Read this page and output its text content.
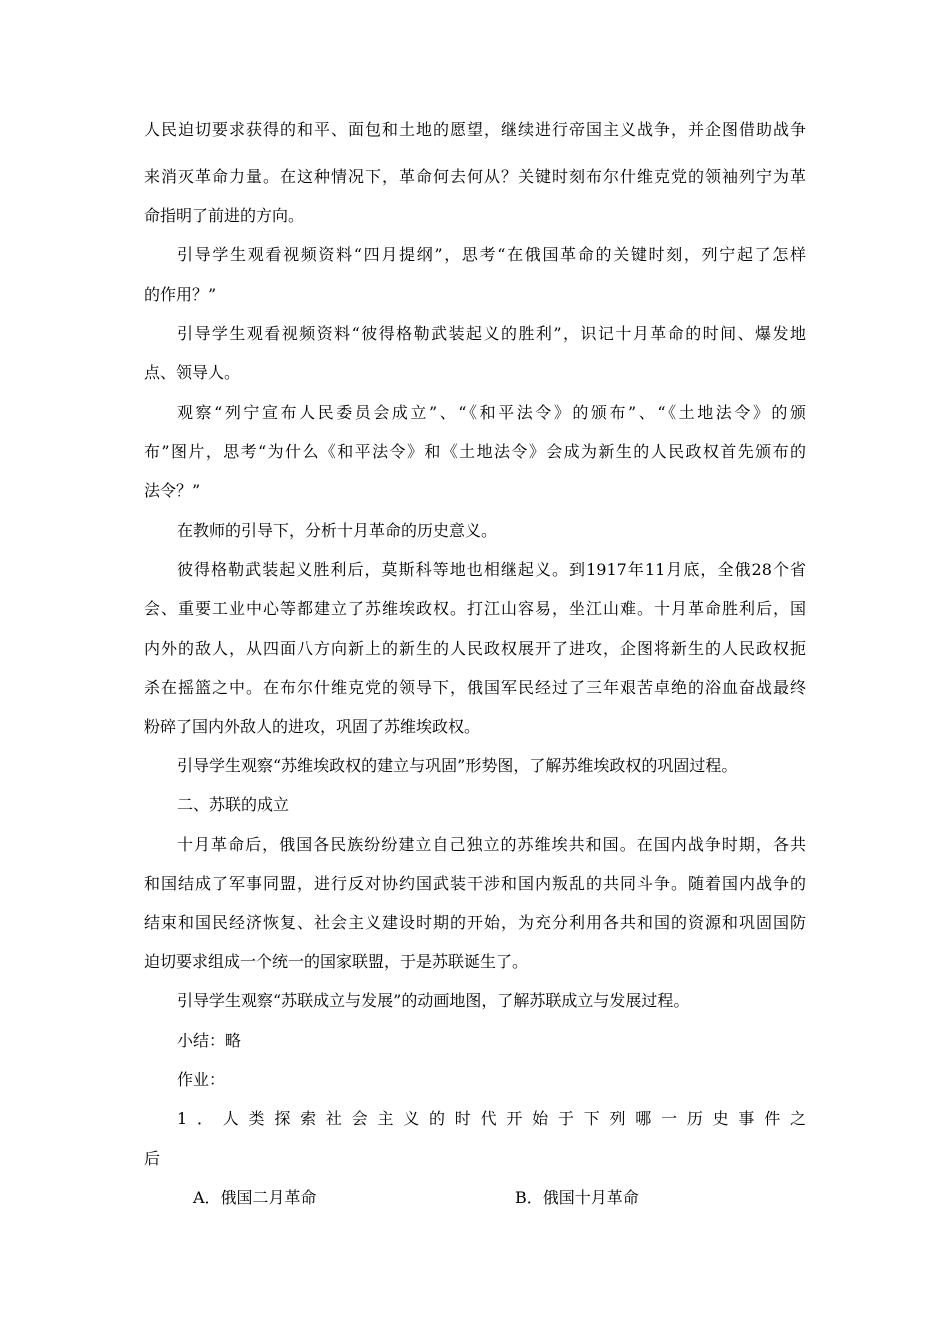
人民迫切要求获得的和平、面包和土地的愿望，继续进行帝国主义战争，并企图借助战争
来消灭革命力量。在这种情况下，革命何去何从？关键时刻布尔什维克党的领袖列宁为革
命指明了前进的方向。
引导学生观看视频资料“四月提纲”，思考“在俄国革命的关键时刻，列宁起了怎样
的作用？”
引导学生观看视频资料“彼得格勒武装起义的胜利”，识记十月革命的时间、爆发地
点、领导人。
观察“列宁宣布人民委员会成立”、“《和平法令》的颁布”、“《土地法令》的颁
布”图片，思考“为什么《和平法令》和《土地法令》会成为新生的人民政权首先颁布的
法令？”
在教师的引导下，分析十月革命的历史意义。
彼得格勒武装起义胜利后，莫斯科等地也相继起义。到1917年11月底，全俄28个省
会、重要工业中心等都建立了苏维埃政权。打江山容易，坐江山难。十月革命胜利后，国
内外的敌人，从四面八方向新上的新生的人民政权展开了进攻，企图将新生的人民政权扼
杀在摇篮之中。在布尔什维克党的领导下，俄国军民经过了三年艰苦卓绝的浴血奋战最终
粉碎了国内外敌人的进攻，巩固了苏维埃政权。
引导学生观察“苏维埃政权的建立与巩固”形势图，了解苏维埃政权的巩固过程。
二、苏联的成立
十月革命后，俄国各民族纷纷建立自己独立的苏维埃共和国。在国内战争时期，各共
和国结成了军事同盟，进行反对协约国武装干涉和国内叛乱的共同斗争。随着国内战争的
结束和国民经济恢复、社会主义建设时期的开始，为充分利用各共和国的资源和巩固国防
迫切要求组成一个统一的国家联盟，于是苏联诞生了。
引导学生观察“苏联成立与发展”的动画地图，了解苏联成立与发展过程。
小结：略
作业：
1．人类探索社会主义的时代开始于下列哪一历史事件之
后
A．俄国二月革命	B．俄国十月革命
